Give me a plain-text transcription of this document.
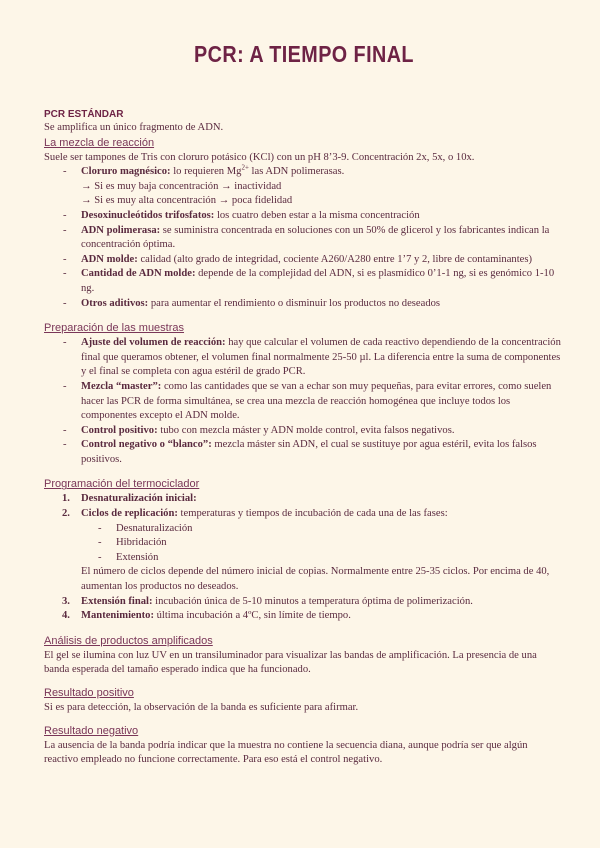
PCR: A TIEMPO FINAL
PCR ESTÁNDAR

Se amplifica un único fragmento de ADN.

La mezcla de reacción

Suele ser tampones de Tris con cloruro potásico (KCl) con un pH 8’3-9. Concentración 2x, 5x, o 10x.

- Cloruro magnésico: lo requieren $Mg^{2+}$ las ADN polimerasas.
→ Si es muy baja concentración → inactividad
→ Si es muy alta concentración → poca fidelidad
- Desoxinucleótidos trifosfatos: los cuatro deben estar a la misma concentración
- ADN polimerasa: se suministra concentrada en soluciones con un 50% de glicerol y los fabricantes indican la concentración óptima.
- ADN molde: calidad (alto grado de integridad, cociente A260/A280 entre 1’7 y 2, libre de contaminantes)
- Cantidad de ADN molde: depende de la complejidad del ADN, si es plasmídico 0’1-1 ng, si es genómico 1-10 ng.
- Otros aditivos: para aumentar el rendimiento o disminuir los productos no deseados
Preparación de las muestras
- Ajuste del volumen de reacción: hay que calcular el volumen de cada reactivo dependiendo de la concentración final que queramos obtener, el volumen final normalmente 25-50 µl. La diferencia entre la suma de componentes y el final se completa con agua estéril de grado PCR.
- Mezcla “master”: como las cantidades que se van a echar son muy pequeñas, para evitar errores, como suelen hacer las PCR de forma simultánea, se crea una mezcla de reacción homogénea que incluye todos los componentes excepto el ADN molde.
- Control positivo: tubo con mezcla máster y ADN molde control, evita falsos negativos.
- Control negativo o “blanco”: mezcla máster sin ADN, el cual se sustituye por agua estéril, evita los falsos positivos.
Programación del termociclador
1. Desnaturalización inicial:
2. Ciclos de replicación: temperaturas y tiempos de incubación de cada una de las fases:
- Desnaturalización
- Hibridación
- Extensión

El número de ciclos depende del número inicial de copias. Normalmente entre 25-35 ciclos. Por encima de 40, aumentan los productos no deseados.

3. Extensión final: incubación única de 5-10 minutos a temperatura óptima de polimerización.
4. Mantenimiento: última incubación a 4ºC, sin límite de tiempo.
Análisis de productos amplificados

El gel se ilumina con luz UV en un transiluminador para visualizar las bandas de amplificación. La presencia de una banda esperada del tamaño esperado indica que ha funcionado.

Resultado positivo

Si es para detección, la observación de la banda es suficiente para afirmar.

Resultado negativo

La ausencia de la banda podría indicar que la muestra no contiene la secuencia diana, aunque podría ser que algún reactivo empleado no funcione correctamente. Para eso está el control negativo.
